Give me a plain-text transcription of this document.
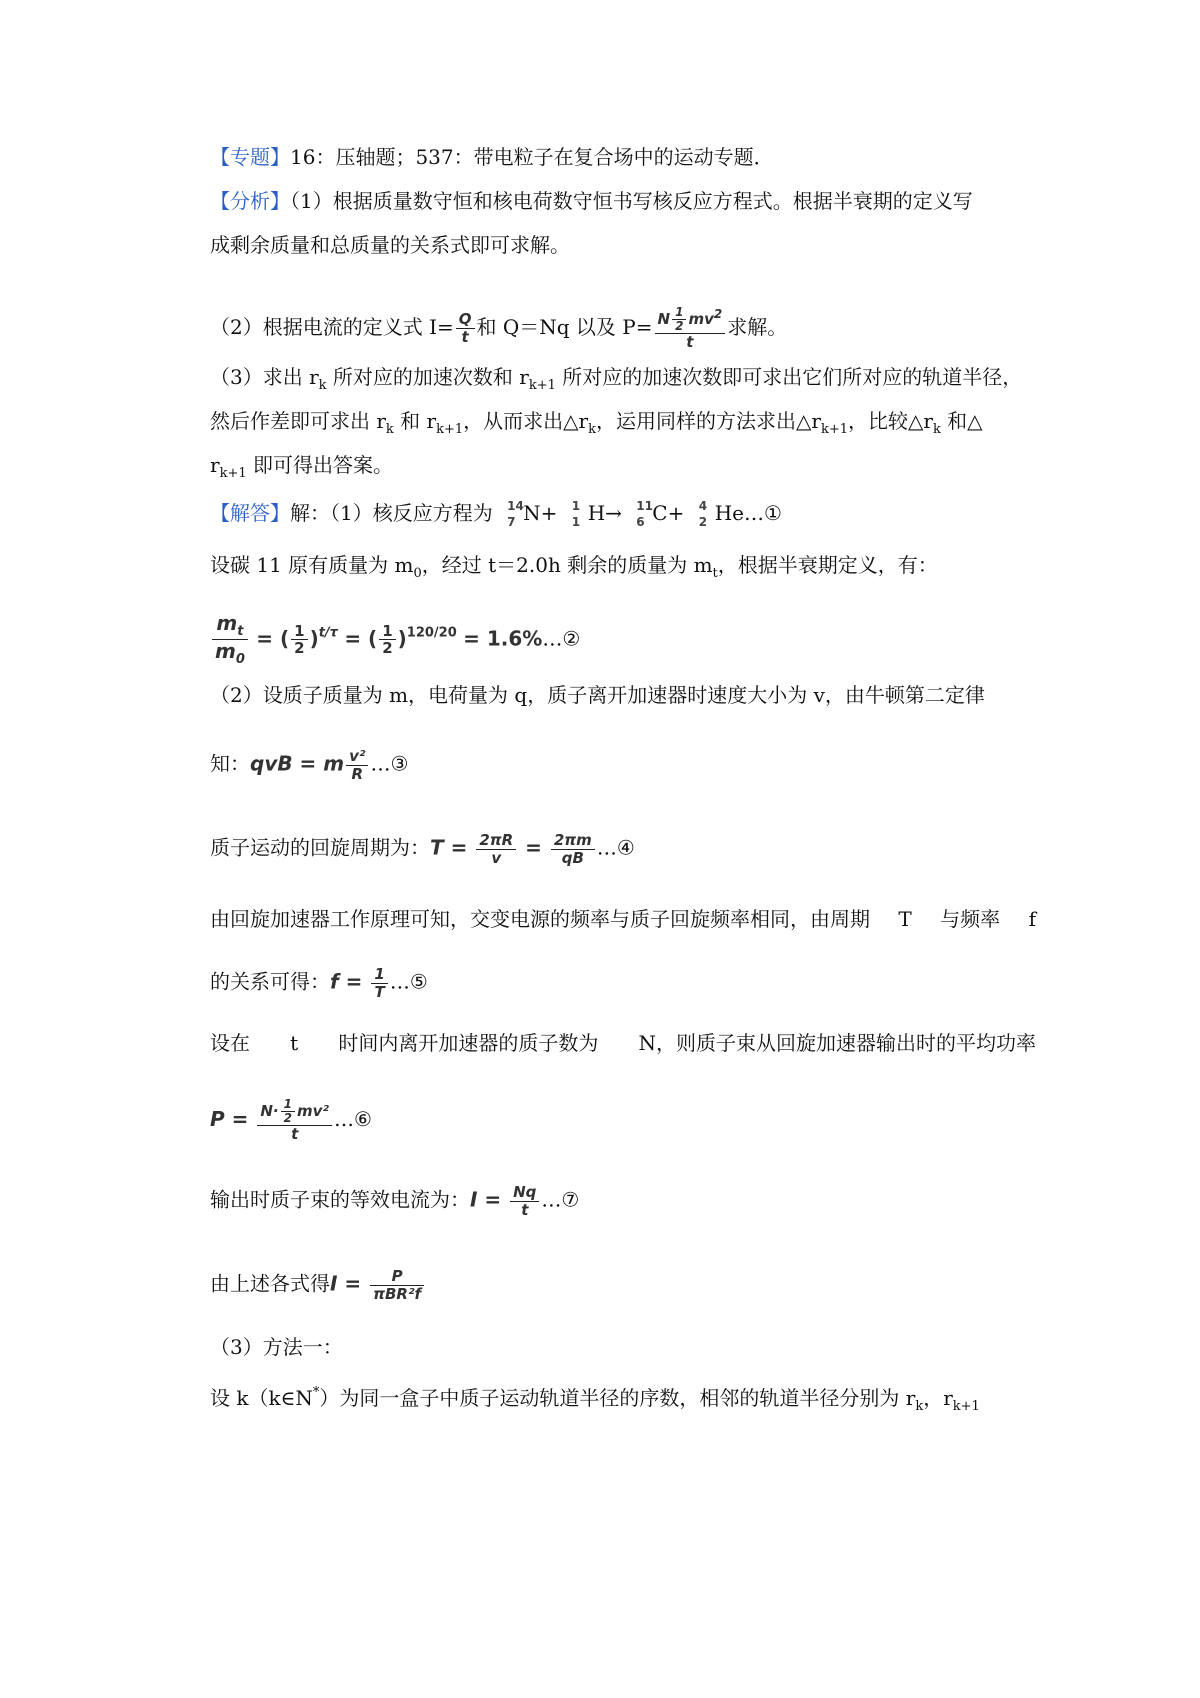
【专题】16：压轴题；537：带电粒子在复合场中的运动专题．
【分析】（1）根据质量数守恒和核电荷数守恒书写核反应方程式。根据半衰期的定义写
成剩余质量和总质量的关系式即可求解。
（2）根据电流的定义式 $I= \frac{Q}{t}$ 和 Q＝Nq 以及 $P= \frac{N \frac{1}{2} mv^2}{t}$ 求解。
（3）求出 $r_k$ 所对应的加速次数和 $r_{k+1}$ 所对应的加速次数即可求出它们所对应的轨道半径，
然后作差即可求出 $r_k$ 和 $r_{k+1}$，从而求出$\triangle r_k$，运用同样的方法求出$\triangle r_{k+1}$，比较$\triangle r_k$ 和△
$r_{k+1}$ 即可得出答案。
【解答】解：（1）核反应方程为 14
7 N+ 1
1 H→ 11
6 C+ 4
2 He…①
设碳 11 原有质量为 $m_0$，经过 t＝2.0h 剩余的质量为 $m_t$，根据半衰期定义，有：
$\frac{m_t}{m_0}$ = ( $\frac{1}{2} )^{t/\tau}$ = ( $\frac{1}{2} )^{120/20}$ = 1.6%…②
（2）设质子质量为 m，电荷量为 q，质子离开加速器时速度大小为 v，由牛顿第二定律
知：qvB = m $\frac{\text{v²}}{R}$ …③
质子运动的回旋周期为：$T = \frac{2\pi R}{v} = \frac{2\pi m}{qB}$ …④
由回旋加速器工作原理可知，交变电源的频率与质子回旋频率相同，由周期 T 与频率 f
的关系可得：$f = \frac{1}{T}$ …⑤
设在 t 时间内离开加速器的质子数为 N，则质子束从回旋加速器输出时的平均功率
$P = \frac{N\cdot \frac{1}{2} mv^2}{t}$ …⑥
输出时质子束的等效电流为：$I = \frac{Nq}{t}$ …⑦
由上述各式得$I = \frac{P}{\text{πBR²f}}$
（3）方法一：
设 k（k∈N*）为同一盒子中质子运动轨道半径的序数，相邻的轨道半径分别为 $r_k$，$r_{k+1}$
